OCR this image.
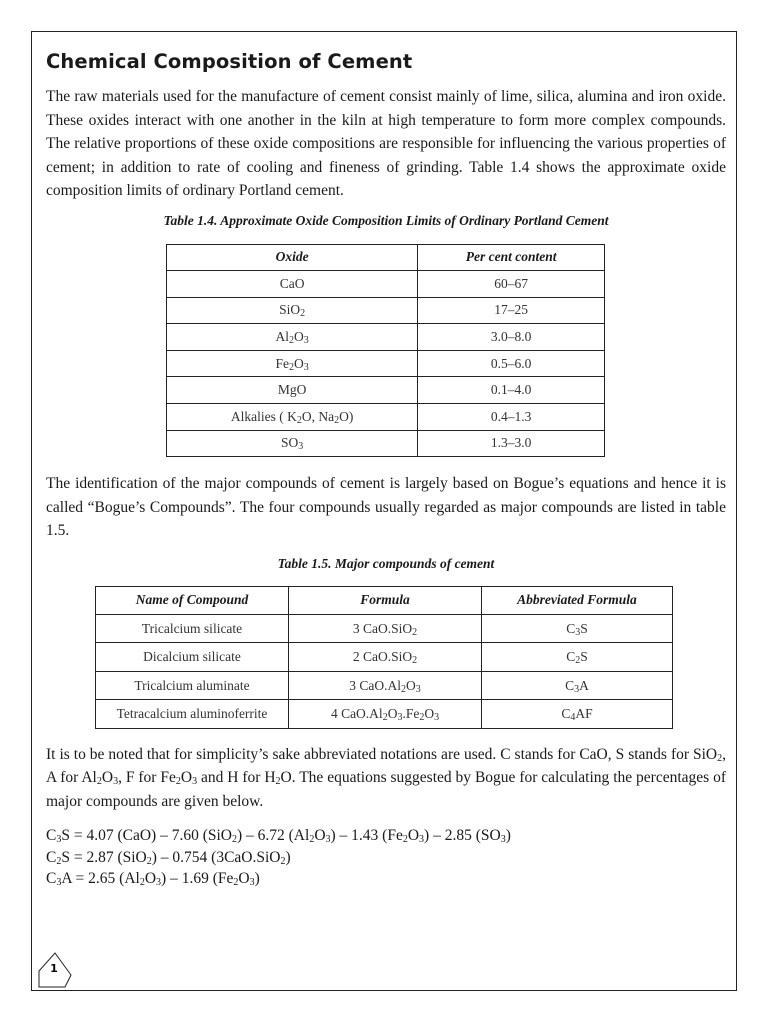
Chemical Composition of Cement

The raw materials used for the manufacture of cement consist mainly of lime, silica, alumina and iron oxide. These oxides interact with one another in the kiln at high temperature to form more complex compounds. The relative proportions of these oxide compositions are responsible for influencing the various properties of cement; in addition to rate of cooling and fineness of grinding. Table 1.4 shows the approximate oxide composition limits of ordinary Portland cement.

Table 1.4. Approximate Oxide Composition Limits of Ordinary Portland Cement
Oxide	Per cent content
CaO	60–67
SiO$_2$	17–25
$Al_2O_3$	3.0–8.0
$Fe_2O_3$	0.5–6.0
MgO	0.1–4.0
Alkalies ( $K_2O$, $Na_2O$)	0.4–1.3
$SO_3$	1.3–3.0

The identification of the major compounds of cement is largely based on Bogue’s equations and hence it is called “Bogue’s Compounds”. The four compounds usually regarded as major compounds are listed in table 1.5.

Table 1.5. Major compounds of cement
Name of Compound	Formula	Abbreviated Formula
Tricalcium silicate	3 CaO.SiO$_2$	$C_3S$
Dicalcium silicate	2 CaO.SiO$_2$	$C_2S$
Tricalcium aluminate	3 $CaO.Al_2O_3$	$C_3A$
Tetracalcium aluminoferrite	4 $CaO.Al_2O_3.Fe_2O_3$	$C_4AF$

It is to be noted that for simplicity’s sake abbreviated notations are used. C stands for CaO, S stands for SiO$_2$, A for $Al_2O_3$, F for $Fe_2O_3$ and H for $H_2O$. The equations suggested by Bogue for calculating the percentages of major compounds are given below.

$C_3S = 4.07$ (CaO) – 7.60 (SiO$_2$) – 6.72 $(Al_2O_3) - 1.43$ $(Fe_2O_3) - 2.85$ $(SO_3)$

$C_2S = 2.87$ (SiO$_2$) – 0.754 (3CaO.SiO$_2$)

$C_3A = 2.65$ $(Al_2O_3) - 1.69$ $(Fe_2O_3)$

1
